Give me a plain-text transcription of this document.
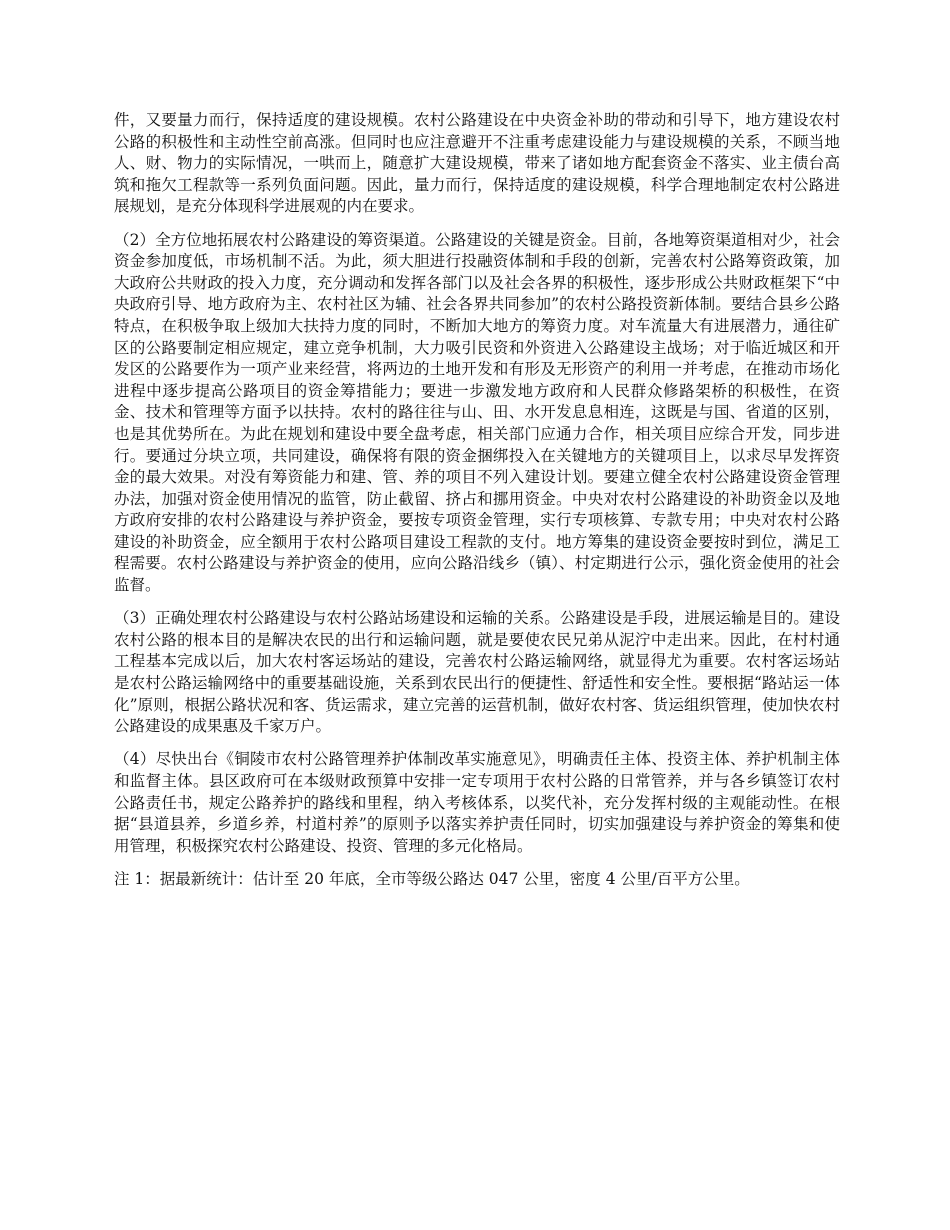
件，又要量力而行，保持适度的建设规模。农村公路建设在中央资金补助的带动和引导下，地方建设农村公路的积极性和主动性空前高涨。但同时也应注意避开不注重考虑建设能力与建设规模的关系，不顾当地人、财、物力的实际情况，一哄而上，随意扩大建设规模，带来了诸如地方配套资金不落实、业主债台高筑和拖欠工程款等一系列负面问题。因此，量力而行，保持适度的建设规模，科学合理地制定农村公路进展规划，是充分体现科学进展观的内在要求。

（2）全方位地拓展农村公路建设的筹资渠道。公路建设的关键是资金。目前，各地筹资渠道相对少，社会资金参加度低，市场机制不活。为此，须大胆进行投融资体制和手段的创新，完善农村公路筹资政策，加大政府公共财政的投入力度，充分调动和发挥各部门以及社会各界的积极性，逐步形成公共财政框架下“中央政府引导、地方政府为主、农村社区为辅、社会各界共同参加”的农村公路投资新体制。要结合县乡公路特点，在积极争取上级加大扶持力度的同时，不断加大地方的筹资力度。对车流量大有进展潜力，通往矿区的公路要制定相应规定，建立竞争机制，大力吸引民资和外资进入公路建设主战场；对于临近城区和开发区的公路要作为一项产业来经营，将两边的土地开发和有形及无形资产的利用一并考虑，在推动市场化进程中逐步提高公路项目的资金筹措能力；要进一步激发地方政府和人民群众修路架桥的积极性，在资金、技术和管理等方面予以扶持。农村的路往往与山、田、水开发息息相连，这既是与国、省道的区别，也是其优势所在。为此在规划和建设中要全盘考虑，相关部门应通力合作，相关项目应综合开发，同步进行。要通过分块立项，共同建设，确保将有限的资金捆绑投入在关键地方的关键项目上，以求尽早发挥资金的最大效果。对没有筹资能力和建、管、养的项目不列入建设计划。要建立健全农村公路建设资金管理办法，加强对资金使用情况的监管，防止截留、挤占和挪用资金。中央对农村公路建设的补助资金以及地方政府安排的农村公路建设与养护资金，要按专项资金管理，实行专项核算、专款专用；中央对农村公路建设的补助资金，应全额用于农村公路项目建设工程款的支付。地方筹集的建设资金要按时到位，满足工程需要。农村公路建设与养护资金的使用，应向公路沿线乡（镇）、村定期进行公示，强化资金使用的社会监督。

（3）正确处理农村公路建设与农村公路站场建设和运输的关系。公路建设是手段，进展运输是目的。建设农村公路的根本目的是解决农民的出行和运输问题，就是要使农民兄弟从泥泞中走出来。因此，在村村通工程基本完成以后，加大农村客运场站的建设，完善农村公路运输网络，就显得尤为重要。农村客运场站是农村公路运输网络中的重要基础设施，关系到农民出行的便捷性、舒适性和安全性。要根据“路站运一体化”原则，根据公路状况和客、货运需求，建立完善的运营机制，做好农村客、货运组织管理，使加快农村公路建设的成果惠及千家万户。

（4）尽快出台《铜陵市农村公路管理养护体制改革实施意见》，明确责任主体、投资主体、养护机制主体和监督主体。县区政府可在本级财政预算中安排一定专项用于农村公路的日常管养，并与各乡镇签订农村公路责任书，规定公路养护的路线和里程，纳入考核体系，以奖代补，充分发挥村级的主观能动性。在根据“县道县养，乡道乡养，村道村养”的原则予以落实养护责任同时，切实加强建设与养护资金的筹集和使用管理，积极探究农村公路建设、投资、管理的多元化格局。

注 1：据最新统计：估计至 20 年底，全市等级公路达 047 公里，密度 4 公里/百平方公里。
